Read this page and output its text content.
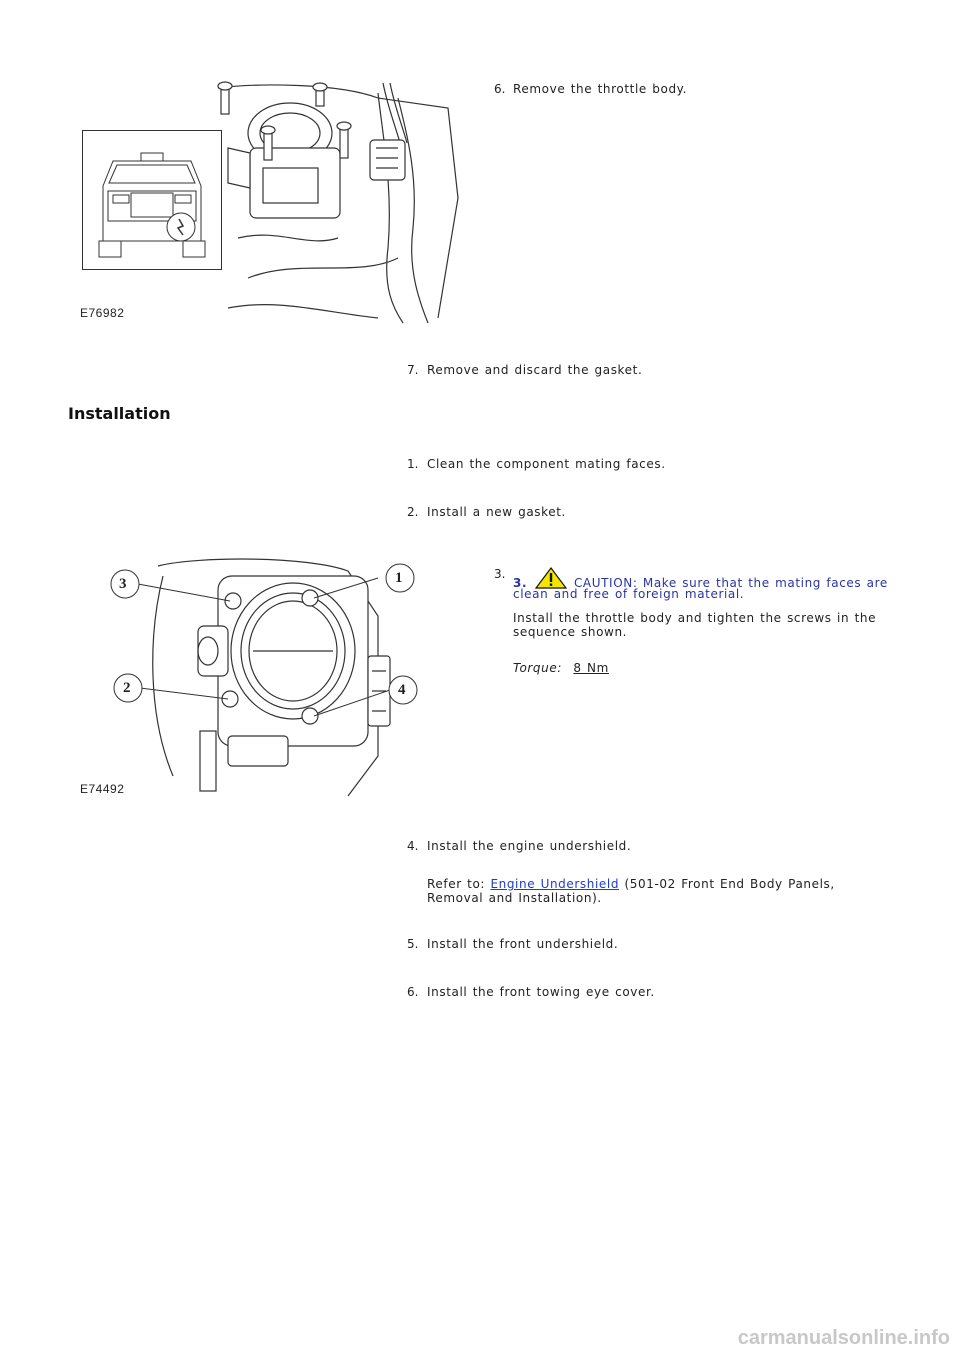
E76982
6. Remove the throttle body.
7. Remove and discard the gasket.
Installation
1. Clean the component mating faces.
2. Install a new gasket.
3	1
2	4
E74492
3.
3.	CAUTION: Make sure that the mating faces are
clean and free of foreign material.
Install the throttle body and tighten the screws in the
sequence shown.
Torque: 8 Nm
4. Install the engine undershield.
Refer to: Engine Undershield (501-02 Front End Body Panels,
Removal and Installation).
5. Install the front undershield.
6. Install the front towing eye cover.
carmanualsonline.info
